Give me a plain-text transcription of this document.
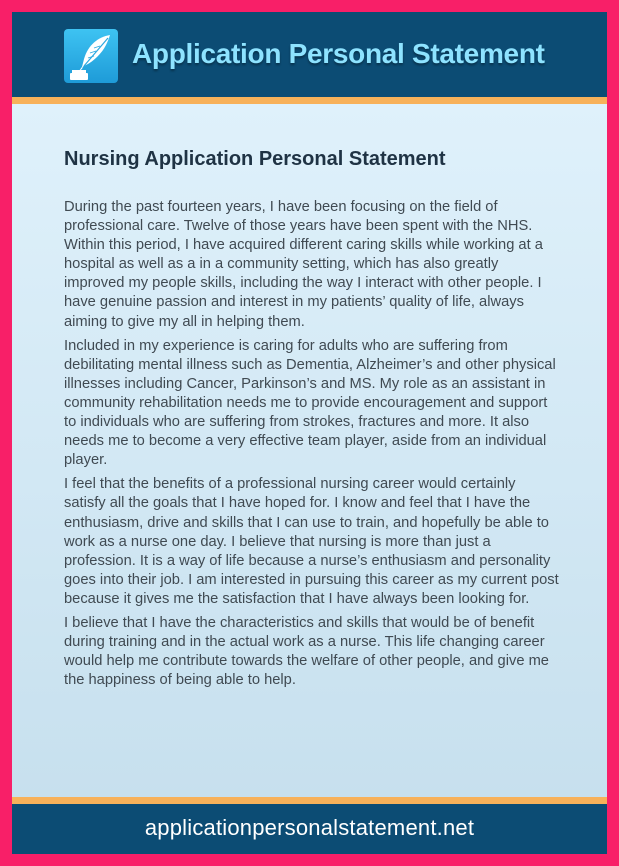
Application Personal Statement
Nursing Application Personal Statement

During the past fourteen years, I have been focusing on the field of professional care. Twelve of those years have been spent with the NHS. Within this period, I have acquired different caring skills while working at a hospital as well as a in a community setting, which has also greatly improved my people skills, including the way I interact with other people. I have genuine passion and interest in my patients’ quality of life, always aiming to give my all in helping them.

Included in my experience is caring for adults who are suffering from debilitating mental illness such as Dementia, Alzheimer’s and other physical illnesses including Cancer, Parkinson’s and MS. My role as an assistant in community rehabilitation needs me to provide encouragement and support to individuals who are suffering from strokes, fractures and more. It also needs me to become a very effective team player, aside from an individual player.

I feel that the benefits of a professional nursing career would certainly satisfy all the goals that I have hoped for. I know and feel that I have the enthusiasm, drive and skills that I can use to train, and hopefully be able to work as a nurse one day. I believe that nursing is more than just a profession. It is a way of life because a nurse’s enthusiasm and personality goes into their job. I am interested in pursuing this career as my current post because it gives me the satisfaction that I have always been looking for.

I believe that I have the characteristics and skills that would be of benefit during training and in the actual work as a nurse. This life changing career would help me contribute towards the welfare of other people, and give me the happiness of being able to help.

applicationpersonalstatement.net
